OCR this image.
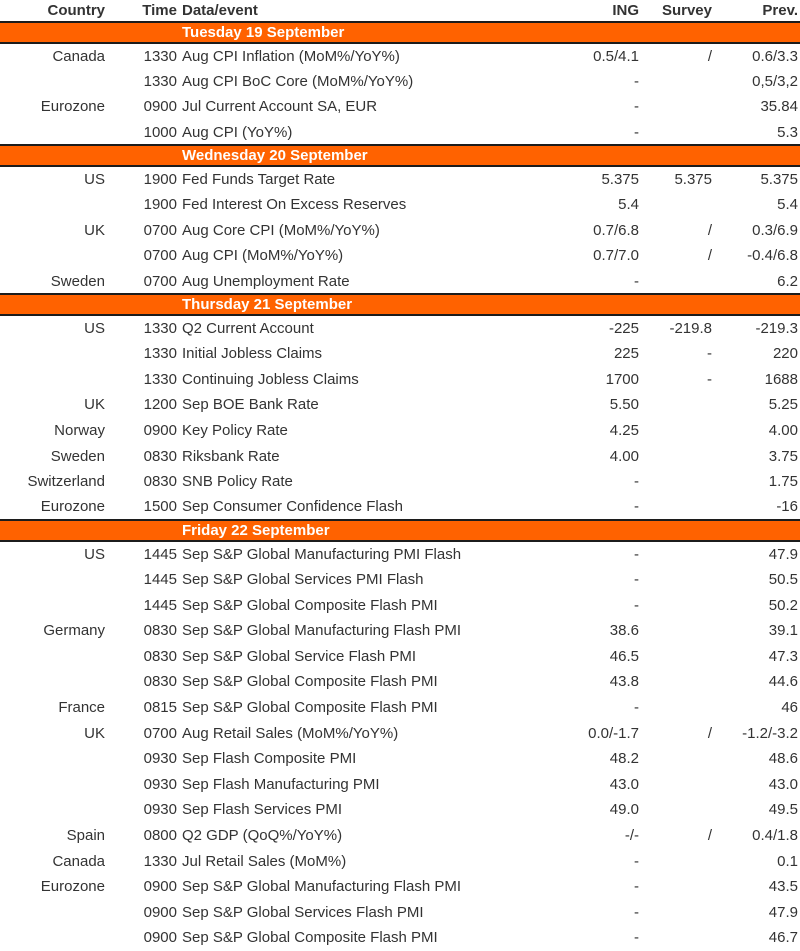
Country	Time	Data/event	ING	Survey	Prev.
Tuesday 19 September					
Canada	1330	Aug CPI Inflation (MoM%/YoY%)	0.5/4.1	/	0.6/3.3
	1330	Aug CPI BoC Core (MoM%/YoY%)	-		0,5/3,2
Eurozone	0900	Jul Current Account SA, EUR	-		35.84
	1000	Aug CPI (YoY%)	-		5.3
Wednesday 20 September					
US	1900	Fed Funds Target Rate	5.375	5.375	5.375
	1900	Fed Interest On Excess Reserves	5.4		5.4
UK	0700	Aug Core CPI (MoM%/YoY%)	0.7/6.8	/	0.3/6.9
	0700	Aug CPI (MoM%/YoY%)	0.7/7.0	/	-0.4/6.8
Sweden	0700	Aug Unemployment Rate	-		6.2
Thursday 21 September					
US	1330	Q2 Current Account	-225	-219.8	-219.3
	1330	Initial Jobless Claims	225	-	220
	1330	Continuing Jobless Claims	1700	-	1688
UK	1200	Sep BOE Bank Rate	5.50		5.25
Norway	0900	Key Policy Rate	4.25		4.00
Sweden	0830	Riksbank Rate	4.00		3.75
Switzerland	0830	SNB Policy Rate	-		1.75
Eurozone	1500	Sep Consumer Confidence Flash	-		-16
Friday 22 September					
US	1445	Sep S&P Global Manufacturing PMI Flash	-		47.9
	1445	Sep S&P Global Services PMI Flash	-		50.5
	1445	Sep S&P Global Composite Flash PMI	-		50.2
Germany	0830	Sep S&P Global Manufacturing Flash PMI	38.6		39.1
	0830	Sep S&P Global Service Flash PMI	46.5		47.3
	0830	Sep S&P Global Composite Flash PMI	43.8		44.6
France	0815	Sep S&P Global Composite Flash PMI	-		46
UK	0700	Aug Retail Sales (MoM%/YoY%)	0.0/-1.7	/	-1.2/-3.2
	0930	Sep Flash Composite PMI	48.2		48.6
	0930	Sep Flash Manufacturing PMI	43.0		43.0
	0930	Sep Flash Services PMI	49.0		49.5
Spain	0800	Q2 GDP (QoQ%/YoY%)	-/-	/	0.4/1.8
Canada	1330	Jul Retail Sales (MoM%)	-		0.1
Eurozone	0900	Sep S&P Global Manufacturing Flash PMI	-		43.5
	0900	Sep S&P Global Services Flash PMI	-		47.9
	0900	Sep S&P Global Composite Flash PMI	-		46.7
